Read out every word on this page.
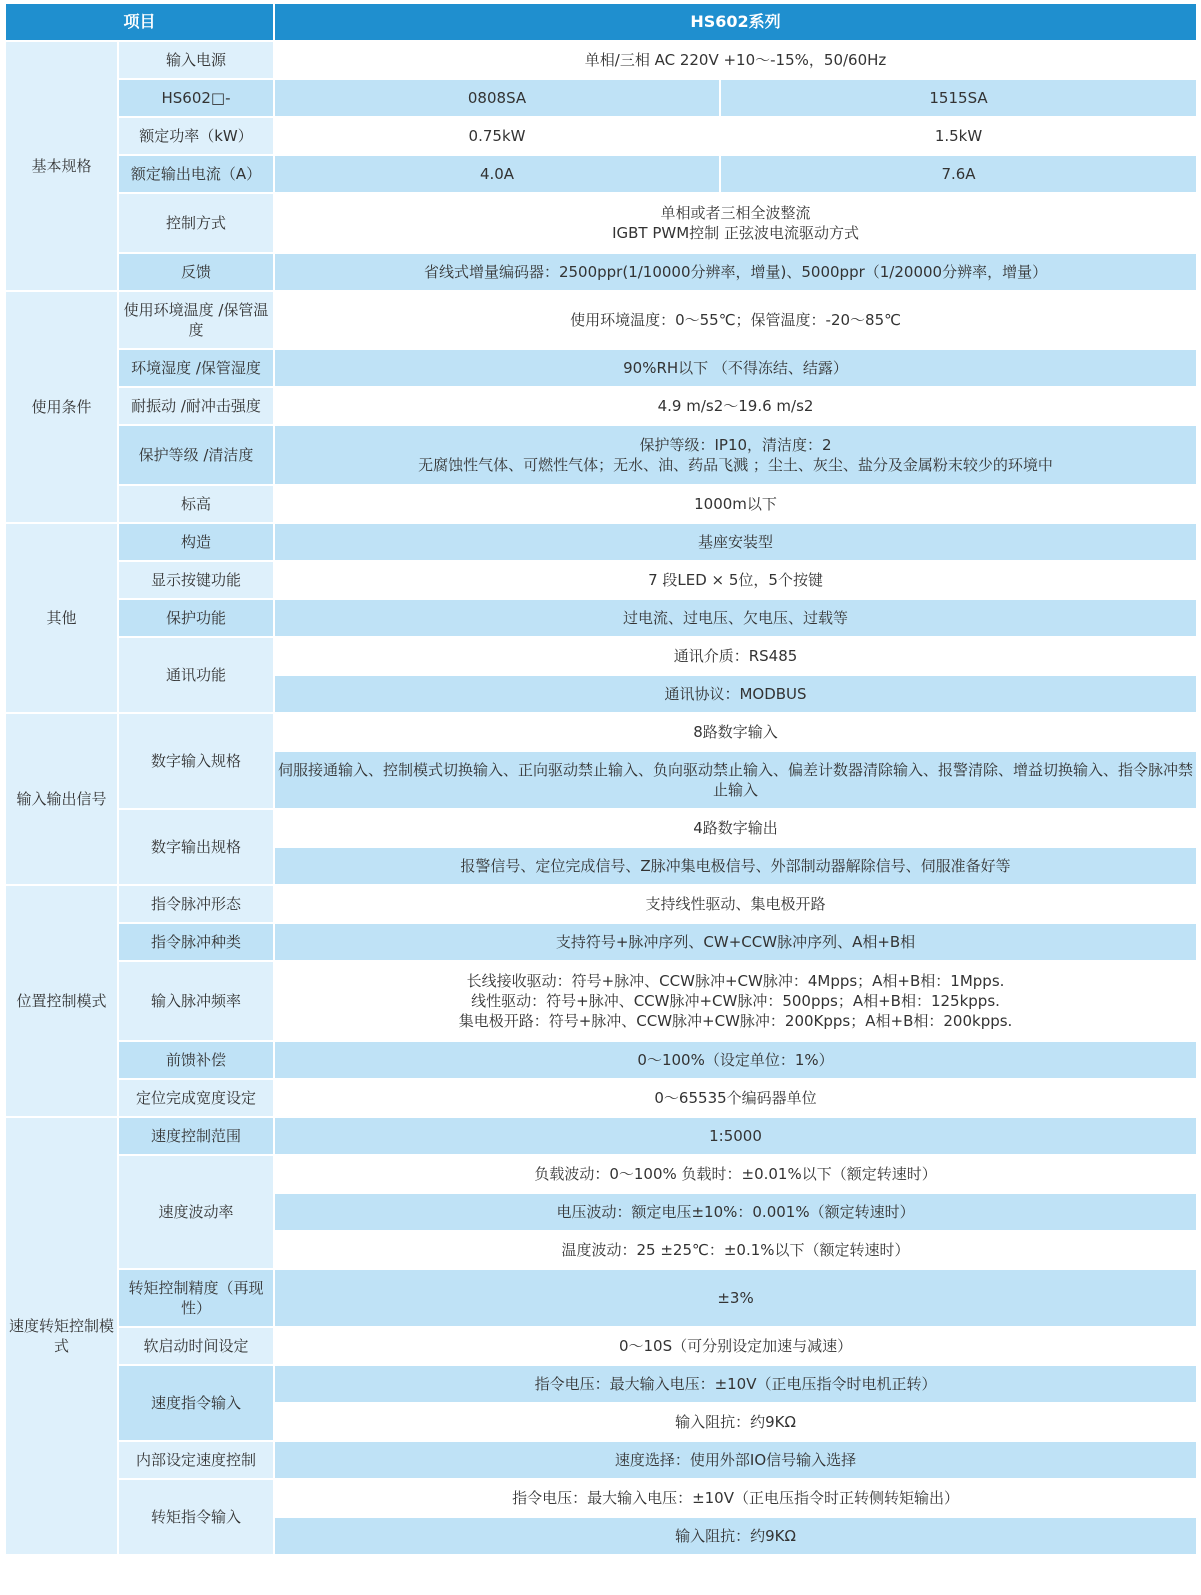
项目		HS602系列	
基本规格	输入电源	单相/三相 AC 220V +10～-15%，50/60Hz	
	HS602□-	0808SA	1515SA
	额定功率（kW）	0.75kW	1.5kW
	额定输出电流（A）	4.0A	7.6A
	控制方式	单相或者三相全波整流
IGBT PWM控制 正弦波电流驱动方式	

	反馈	省线式增量编码器：2500ppr(1/10000分辨率，增量)、5000ppr（1/20000分辨率，增量）	
使用条件	使用环境温度 /保管温度	使用环境温度：0～55℃；保管温度：-20～85℃	
	环境湿度 /保管湿度	90%RH以下 （不得冻结、结露）	
	耐振动 /耐冲击强度	4.9 m/s2～19.6 m/s2	
	保护等级 /清洁度	保护等级：IP10，清洁度：2
无腐蚀性气体、可燃性气体；无水、油、药品飞溅 ；尘土、灰尘、盐分及金属粉末较少的环境中	

	标高	1000m以下	
其他	构造	基座安装型	
	显示按键功能	7 段LED × 5位，5个按键	
	保护功能	过电流、过电压、欠电压、过载等	
	通讯功能	通讯介质：RS485	
		通讯协议：MODBUS	
输入输出信号	数字输入规格	8路数字输入	
		伺服接通输入、控制模式切换输入、正向驱动禁止输入、负向驱动禁止输入、偏差计数器清除输入、报警清除、增益切换输入、指令脉冲禁止输入	
	数字输出规格	4路数字输出	
		报警信号、定位完成信号、Z脉冲集电极信号、外部制动器解除信号、伺服准备好等	
位置控制模式	指令脉冲形态	支持线性驱动、集电极开路	
	指令脉冲种类	支持符号+脉冲序列、CW+CCW脉冲序列、A相+B相	
	输入脉冲频率	长线接收驱动：符号+脉冲、CCW脉冲+CW脉冲：4Mpps；A相+B相：1Mpps.
线性驱动：符号+脉冲、CCW脉冲+CW脉冲：500pps；A相+B相：125kpps.
集电极开路：符号+脉冲、CCW脉冲+CW脉冲：200Kpps；A相+B相：200kpps.	

	前馈补偿	0～100%（设定单位：1%）	
	定位完成宽度设定	0～65535个编码器单位	
速度转矩控制模式	速度控制范围	1:5000	
	速度波动率	负载波动：0～100% 负载时：±0.01%以下（额定转速时）	
		电压波动：额定电压±10%：0.001%（额定转速时）	
		温度波动：25 ±25℃：±0.1%以下（额定转速时）	
	转矩控制精度（再现性）	±3%	
	软启动时间设定	0～10S（可分别设定加速与减速）	
	速度指令输入	指令电压：最大输入电压：±10V（正电压指令时电机正转）	
		输入阻抗：约9KΩ	
	内部设定速度控制	速度选择：使用外部IO信号输入选择	
	转矩指令输入	指令电压：最大输入电压：±10V（正电压指令时正转侧转矩输出）	
		输入阻抗：约9KΩ	
